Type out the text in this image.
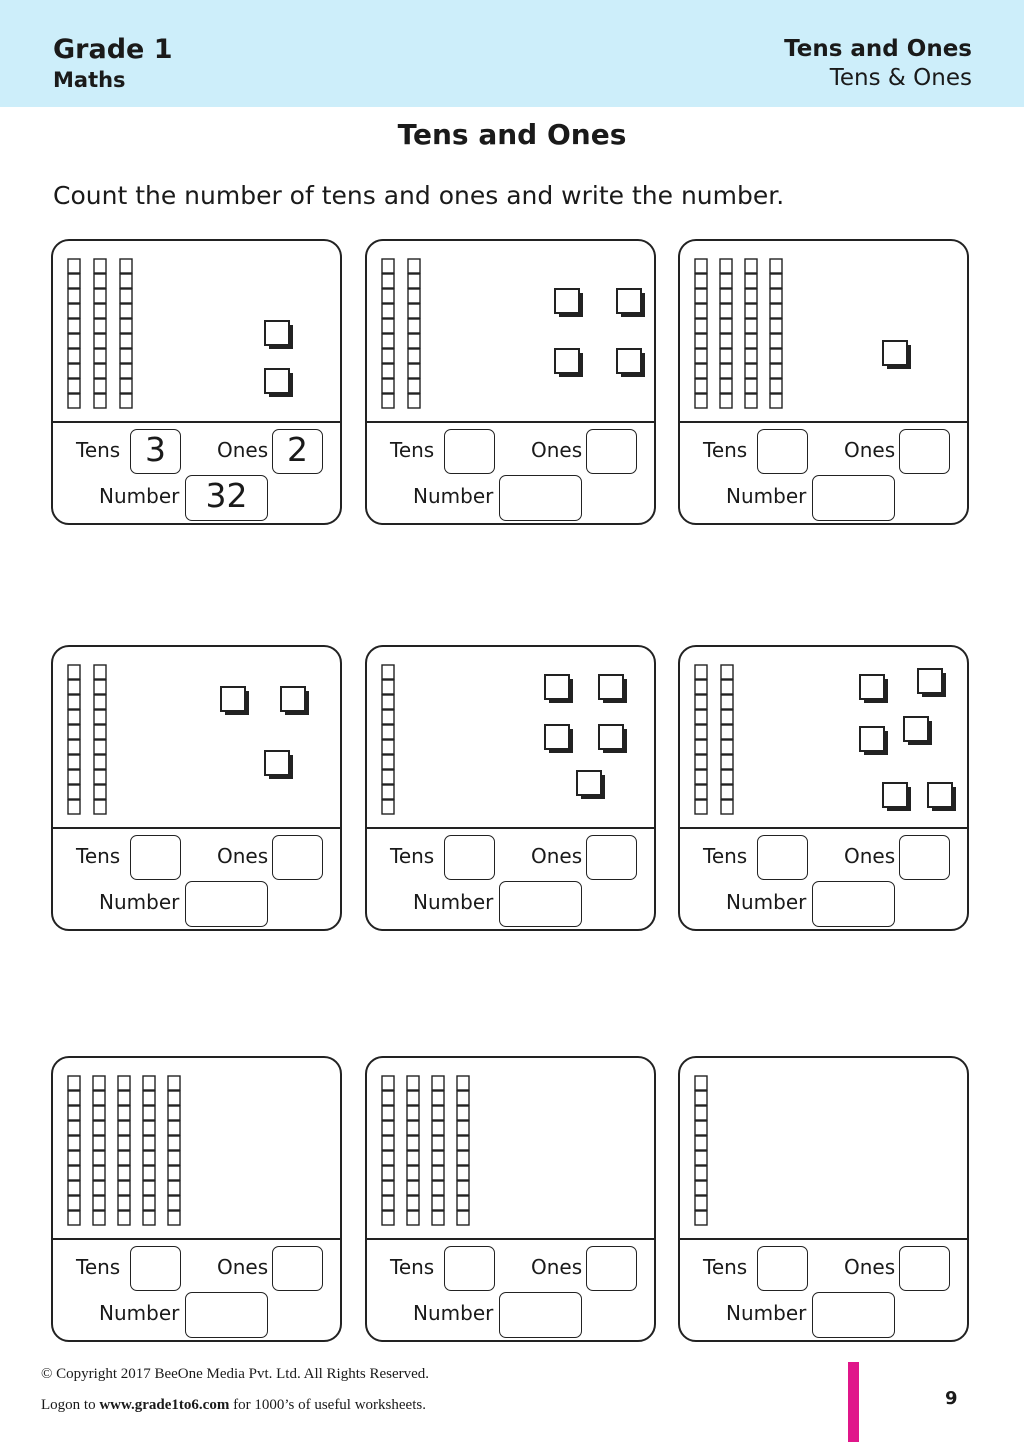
Grade 1
Maths
Tens and Ones
Tens & Ones
Tens and Ones
Count the number of tens and ones and write the number.
Tens 3	Ones 2
Number 32
Tens	Ones
Number
Tens	Ones
Number
Tens	Ones
Number
Tens	Ones
Number
Tens	Ones
Number
Tens	Ones
Number
Tens	Ones
Number
Tens	Ones
Number
© Copyright 2017 BeeOne Media Pvt. Ltd. All Rights Reserved.
Logon to www.grade1to6.com for 1000’s of useful worksheets.	9
